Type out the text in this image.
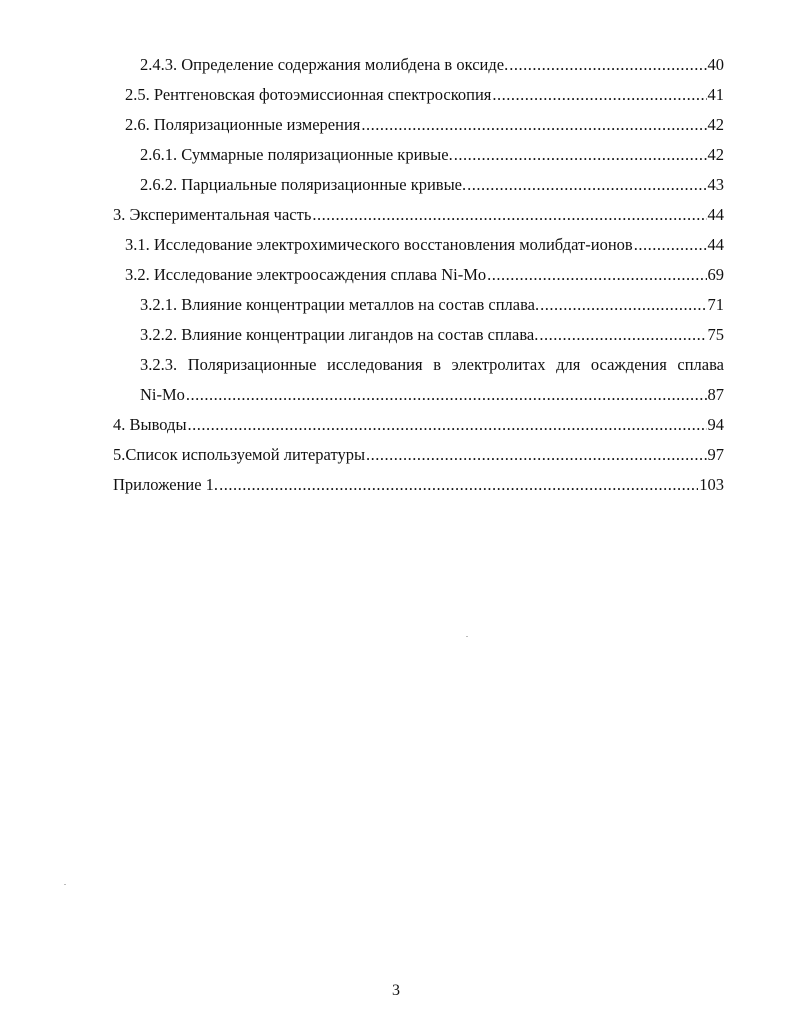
2.4.3. Определение содержания молибдена в оксиде. .....	40
2.5. Рентгеновская фотоэмиссионная спектроскопия .....	41
2.6. Поляризационные измерения .....	42
2.6.1. Суммарные поляризационные кривые. .....	42
2.6.2. Парциальные поляризационные кривые. .....	43
3. Экспериментальная часть .....	44
3.1. Исследование электрохимического восстановления молибдат-ионов .....	44
3.2. Исследование электроосаждения сплава Ni-Mo .....	69
3.2.1. Влияние концентрации металлов на состав сплава. .....	71
3.2.2. Влияние концентрации лигандов на состав сплава. .....	75
3.2.3. Поляризационные исследования в электролитах для осаждения сплава
Ni-Mo .....	87
4. Выводы .....	94
5.Список используемой литературы .....	97
Приложение 1. .....	103
3
